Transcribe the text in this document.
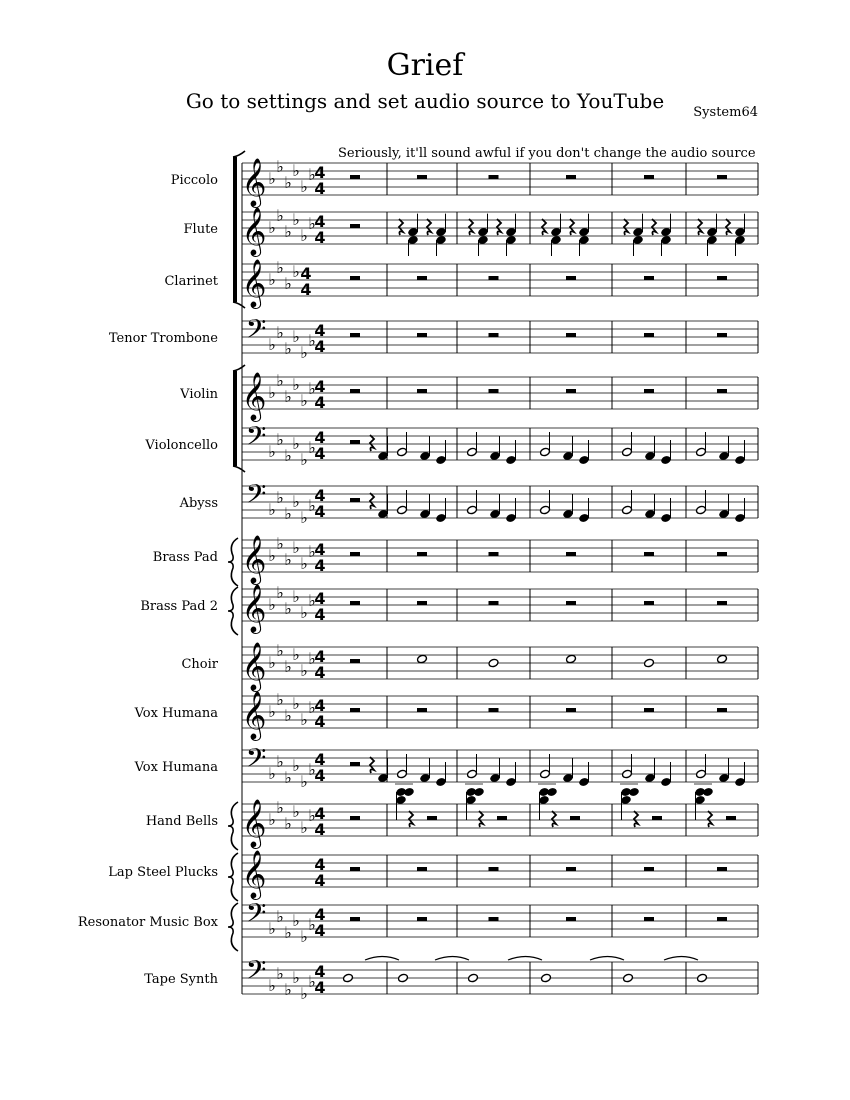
Grief
Go to settings and set audio source to YouTube	System64
Seriously, it'll sound awful if you don't change the audio source
Piccolo
Flute
Clarinet
Tenor Trombone
Violin
Violoncello
Abyss
Brass Pad
Brass Pad 2
Choir
Vox Humana
Vox Humana
Hand Bells
Lap Steel Plucks
Resonator Music Box
Tape Synth
𝄞 ♭
♭
♭
♭
♭
♭
4
4
𝄞 ♭
♭
♭
♭
♭
♭
4
4
𝄞 ♭
♭
♭
♭ 4
4
𝄢 ♭
♭
♭
♭
♭
♭
4
4
𝄞 ♭
♭
♭
♭
♭
♭
4
4
𝄢 ♭
♭
♭
♭
♭
♭
4
4
𝄢 ♭
♭
♭
♭
♭
♭
4
4
𝄞 ♭
♭
♭
♭
♭
♭
4
4
𝄞 ♭
♭
♭
♭
♭
♭
4
4
𝄞 ♭
♭
♭
♭
♭
♭
4
4
𝄞 ♭
♭
♭
♭
♭
♭
4
4
𝄢 ♭
♭
♭
♭
♭
♭
4
4
𝄞 ♭
♭
♭
♭
♭
♭
4
4
𝄞	4
4
𝄢 ♭
♭
♭
♭
♭
♭
4
4
𝄢 ♭
♭
♭
♭
♭
♭
4
4
